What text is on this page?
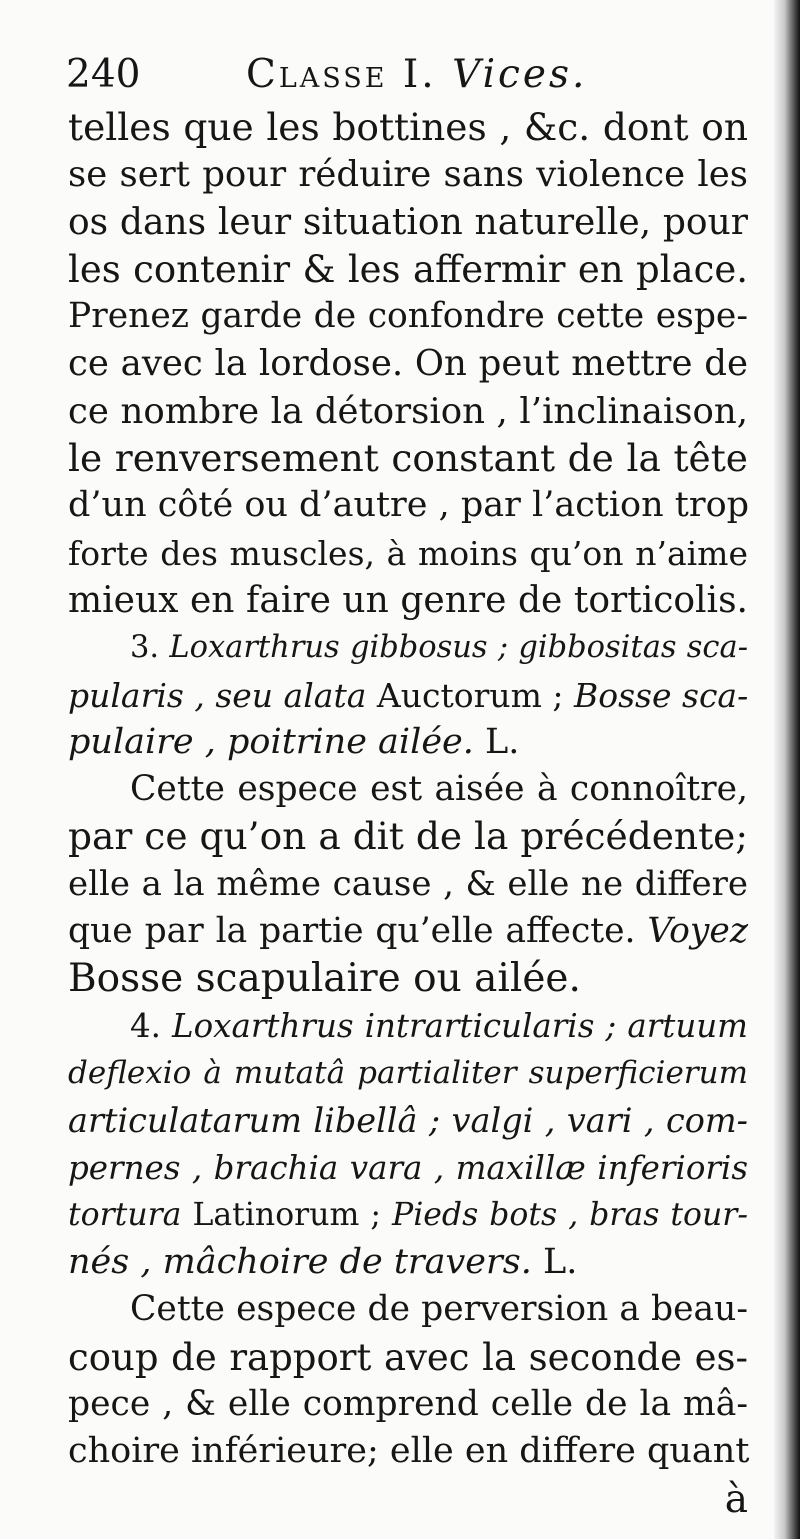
240	Classe I. Vices.
telles que les bottines , &c. dont on
se sert pour réduire sans violence les
os dans leur situation naturelle, pour
les contenir & les affermir en place.
Prenez garde de confondre cette espe-
ce avec la lordose. On peut mettre de
ce nombre la détorsion , l’inclinaison,
le renversement constant de la tête
d’un côté ou d’autre , par l’action trop
forte des muscles, à moins qu’on n’aime
mieux en faire un genre de torticolis.
3. Loxarthrus gibbosus ; gibbositas sca-
pularis , seu alata Auctorum ; Bosse sca-
pulaire , poitrine ailée. L.
Cette espece est aisée à connoître,
par ce qu’on a dit de la précédente;
elle a la même cause , & elle ne differe
que par la partie qu’elle affecte. Voyez
Bosse scapulaire ou ailée.
4. Loxarthrus intrarticularis ; artuum
deflexio à mutatâ partialiter superficierum
articulatarum libellâ ; valgi , vari , com-
pernes , brachia vara , maxillæ inferioris
tortura Latinorum ; Pieds bots , bras tour-
nés , mâchoire de travers. L.
Cette espece de perversion a beau-
coup de rapport avec la seconde es-
pece , & elle comprend celle de la mâ-
choire inférieure; elle en differe quant
à
